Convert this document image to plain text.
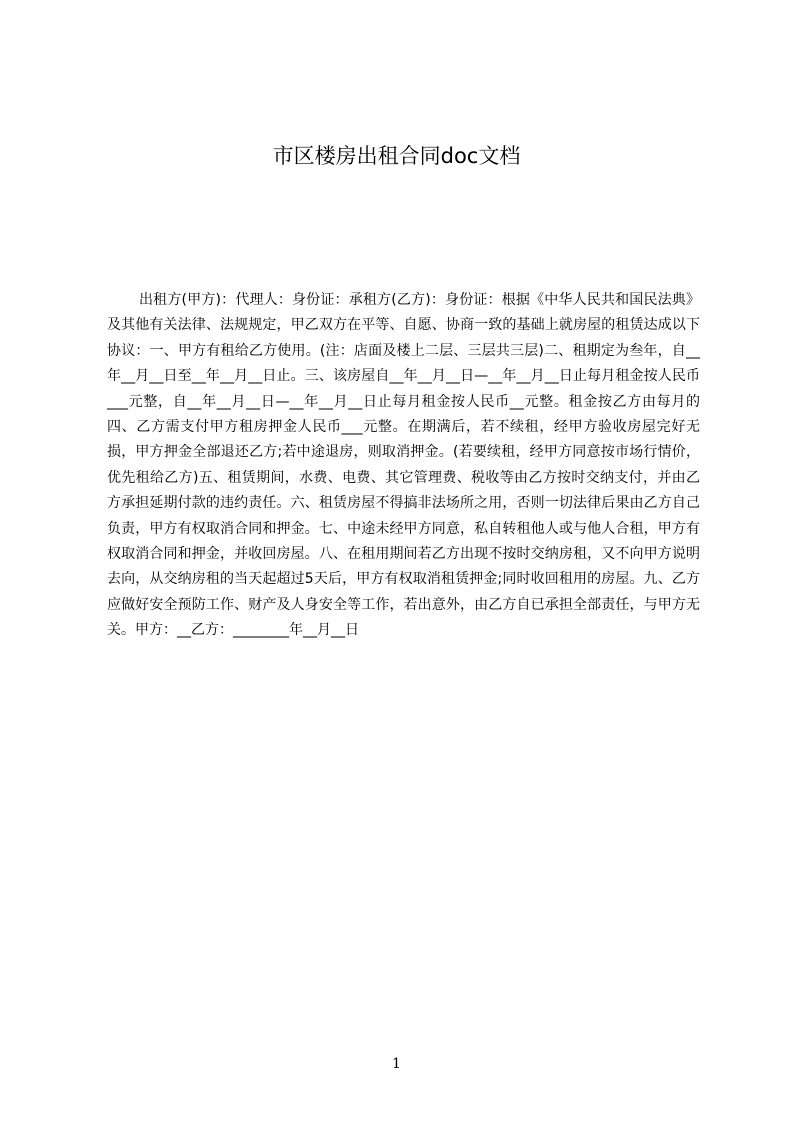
市区楼房出租合同doc文档

出租方(甲方)：代理人：身份证：承租方(乙方)：身份证：根据《中华人民共和国民法典》及其他有关法律、法规规定，甲乙双方在平等、自愿、协商一致的基础上就房屋的租赁达成以下协议：一、甲方有租给乙方使用。(注：店面及楼上二层、三层共三层)二、租期定为叁年，自__年__月__日至__年__月__日止。三、该房屋自__年__月__日—__年__月__日止每月租金按人民币___元整，自__年__月__日—__年__月__日止每月租金按人民币__元整。租金按乙方由每月的四、乙方需支付甲方租房押金人民币___元整。在期满后，若不续租，经甲方验收房屋完好无损，甲方押金全部退还乙方;若中途退房，则取消押金。(若要续租，经甲方同意按市场行情价，优先租给乙方)五、租赁期间，水费、电费、其它管理费、税收等由乙方按时交纳支付，并由乙方承担延期付款的违约责任。六、租赁房屋不得搞非法场所之用，否则一切法律后果由乙方自己负责，甲方有权取消合同和押金。七、中途未经甲方同意，私自转租他人或与他人合租，甲方有权取消合同和押金，并收回房屋。八、在租用期间若乙方出现不按时交纳房租，又不向甲方说明去向，从交纳房租的当天起超过5天后，甲方有权取消租赁押金;同时收回租用的房屋。九、乙方应做好安全预防工作、财产及人身安全等工作，若出意外，由乙方自已承担全部责任，与甲方无关。甲方：__乙方：________年__月__日

1
